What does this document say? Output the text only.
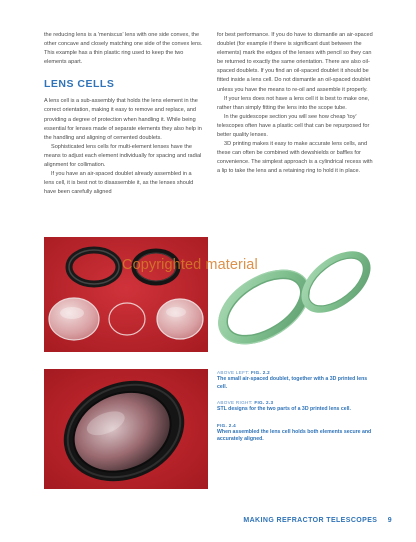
the reducing lens is a 'meniscus' lens with one side convex, the other concave and closely matching one side of the convex lens. This example has a thin plastic ring used to keep the two elements apart.

LENS CELLS

A lens cell is a sub-assembly that holds the lens element in the correct orientation, making it easy to remove and replace, and providing a degree of protection when handling it. While being essential for lenses made of separate elements they also help in the handling and aligning of cemented doublets.

Sophisticated lens cells for multi-element lenses have the means to adjust each element individually for spacing and radial alignment for collimation.

If you have an air-spaced doublet already assembled in a lens cell, it is best not to disassemble it, as the lenses should have been carefully aligned

for best performance. If you do have to dismantle an air-spaced doublet (for example if there is significant dust between the elements) mark the edges of the lenses with pencil so they can be returned to exactly the same orientation. There are also oil-spaced doublets. If you find an oil-spaced doublet it should be fitted inside a lens cell. Do not dismantle an oil-spaced doublet unless you have the means to re-oil and assemble it properly.

If your lens does not have a lens cell it is best to make one, rather than simply fitting the lens into the scope tube.

In the guidescope section you will see how cheap 'toy' telescopes often have a plastic cell that can be repurposed for better quality lenses.

3D printing makes it easy to make accurate lens cells, and these can often be combined with dewshields or baffles for convenience. The simplest approach is a cylindrical recess with a lip to take the lens and a retaining ring to hold it in place.

Copyrighted material
ABOVE LEFT: FIG. 2.2
The small air-spaced doublet, together with a 3D printed lens cell.
ABOVE RIGHT: FIG. 2.3
STL designs for the two parts of a 3D printed lens cell.
FIG. 2.4
When assembled the lens cell holds both elements secure and accurately aligned.
MAKING REFRACTOR TELESCOPES 9
